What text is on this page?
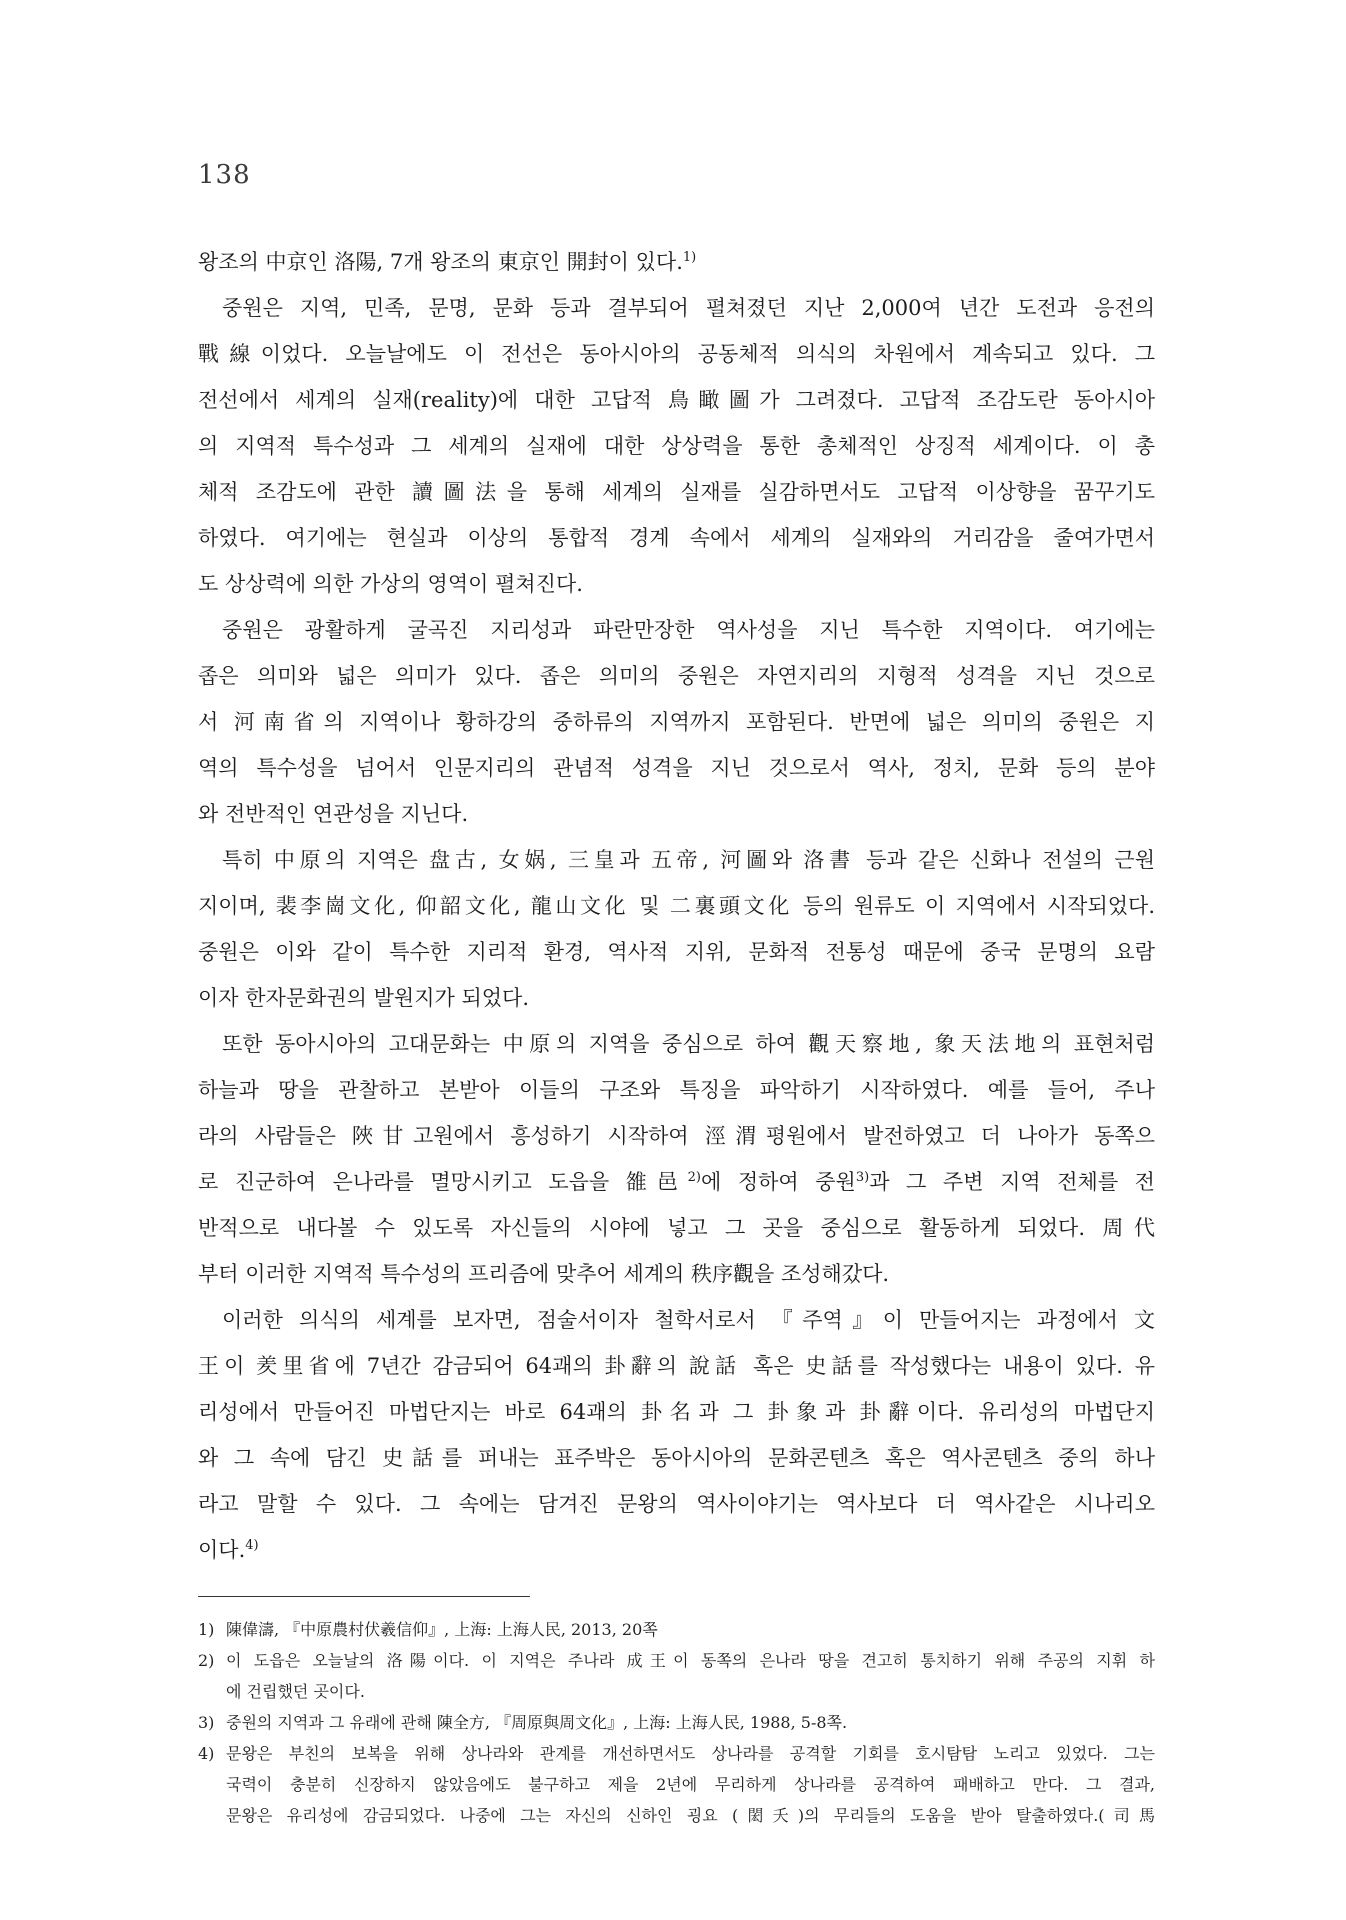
138
왕조의 中京인 洛陽, 7개 왕조의 東京인 開封이 있다.$^{1)}$
중원은 지역, 민족, 문명, 문화 등과 결부되어 펼쳐졌던 지난 2,000여 년간 도전과 응전의
戰線이었다. 오늘날에도 이 전선은 동아시아의 공동체적 의식의 차원에서 계속되고 있다. 그
전선에서 세계의 실재(reality)에 대한 고답적 鳥瞰圖가 그려졌다. 고답적 조감도란 동아시아
의 지역적 특수성과 그 세계의 실재에 대한 상상력을 통한 총체적인 상징적 세계이다. 이 총
체적 조감도에 관한 讀圖法을 통해 세계의 실재를 실감하면서도 고답적 이상향을 꿈꾸기도
하였다. 여기에는 현실과 이상의 통합적 경계 속에서 세계의 실재와의 거리감을 줄여가면서
도 상상력에 의한 가상의 영역이 펼쳐진다.
중원은 광활하게 굴곡진 지리성과 파란만장한 역사성을 지닌 특수한 지역이다. 여기에는
좁은 의미와 넓은 의미가 있다. 좁은 의미의 중원은 자연지리의 지형적 성격을 지닌 것으로
서 河南省의 지역이나 황하강의 중하류의 지역까지 포함된다. 반면에 넓은 의미의 중원은 지
역의 특수성을 넘어서 인문지리의 관념적 성격을 지닌 것으로서 역사, 정치, 문화 등의 분야
와 전반적인 연관성을 지닌다.
특히 中原의 지역은 盘古, 女娲, 三皇과 五帝, 河圖와 洛書 등과 같은 신화나 전설의 근원
지이며, 裴李崗文化, 仰韶文化, 龍山文化 및 二裏頭文化 등의 원류도 이 지역에서 시작되었다.
중원은 이와 같이 특수한 지리적 환경, 역사적 지위, 문화적 전통성 때문에 중국 문명의 요람
이자 한자문화권의 발원지가 되었다.
또한 동아시아의 고대문화는 中原의 지역을 중심으로 하여 觀天察地, 象天法地의 표현처럼
하늘과 땅을 관찰하고 본받아 이들의 구조와 특징을 파악하기 시작하였다. 예를 들어, 주나
라의 사람들은 陜甘고원에서 흥성하기 시작하여 涇渭평원에서 발전하였고 더 나아가 동쪽으
로 진군하여 은나라를 멸망시키고 도읍을 雒邑$^{2)}$에 정하여 중원$^{3)}$과 그 주변 지역 전체를 전
반적으로 내다볼 수 있도록 자신들의 시야에 넣고 그 곳을 중심으로 활동하게 되었다. 周代
부터 이러한 지역적 특수성의 프리즘에 맞추어 세계의 秩序觀을 조성해갔다.
이러한 의식의 세계를 보자면, 점술서이자 철학서로서 『주역』이 만들어지는 과정에서 文
王이 羑里省에 7년간 감금되어 64괘의 卦辭의 說話 혹은 史話를 작성했다는 내용이 있다. 유
리성에서 만들어진 마법단지는 바로 64괘의 卦名과 그 卦象과 卦辭이다. 유리성의 마법단지
와 그 속에 담긴 史話를 퍼내는 표주박은 동아시아의 문화콘텐츠 혹은 역사콘텐츠 중의 하나
라고 말할 수 있다. 그 속에는 담겨진 문왕의 역사이야기는 역사보다 더 역사같은 시나리오
이다.$^{4)}$
1) 陳偉濤, 『中原農村伏羲信仰』, 上海: 上海人民, 2013, 20쪽
2) 이 도읍은 오늘날의 洛陽이다. 이 지역은 주나라 成王이 동쪽의 은나라 땅을 견고히 통치하기 위해 주공의 지휘 하
에 건립했던 곳이다.
3) 중원의 지역과 그 유래에 관해 陳全方, 『周原與周文化』, 上海: 上海人民, 1988, 5-8쪽.
4) 문왕은 부친의 보복을 위해 상나라와 관계를 개선하면서도 상나라를 공격할 기회를 호시탐탐 노리고 있었다. 그는
국력이 충분히 신장하지 않았음에도 불구하고 제을 2년에 무리하게 상나라를 공격하여 패배하고 만다. 그 결과,
문왕은 유리성에 감금되었다. 나중에 그는 자신의 신하인 굉요 (閎夭)의 무리들의 도움을 받아 탈출하였다.(司馬
